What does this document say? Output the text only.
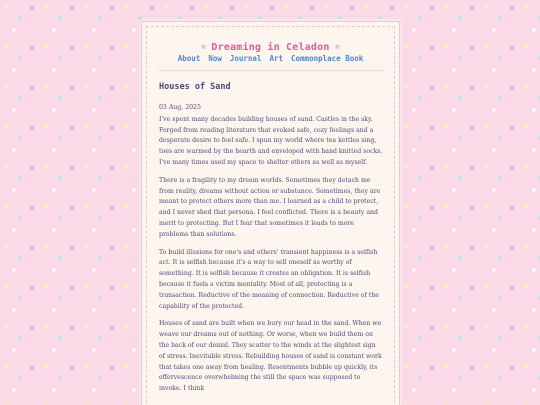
❀ Dreaming in Celadon ❀
About Now Journal Art Commonplace Book
Houses of Sand
03 Aug, 2025

I've spent many decades building houses of sand. Castles in the sky. Forged from reading literature that evoked safe, cozy feelings and a desperate desire to feel safe. I spun my world where tea kettles sing, toes are warmed by the hearth and enveloped with hand knitted socks. I've many times used my space to shelter others as well as myself.

There is a fragility to my dream worlds. Sometimes they detach me from reality, dreams without action or substance. Sometimes, they are meant to protect others more than me. I learned as a child to protect, and I never shed that persona. I feel conflicted. There is a beauty and merit to protecting. But I fear that sometimes it leads to more problems than solutions.

To build illusions for one's and others' transient happiness is a selfish act. It is selfish because it's a way to sell oneself as worthy of something. It is selfish because it creates an obligation. It is selfish because it fuels a victim mentality. Most of all, protecting is a transaction. Reductive of the meaning of connection. Reductive of the capability of the protected.

Houses of sand are built when we bury our head in the sand. When we weave our dreams out of nothing. Or worse, when we build them on the back of our denial. They scatter to the winds at the slightest sign of stress. Inevitable stress. Rebuilding houses of sand is constant work that takes one away from healing. Resentments bubble up quickly, its effervescence overwhelming the still the space was supposed to invoke. I think
